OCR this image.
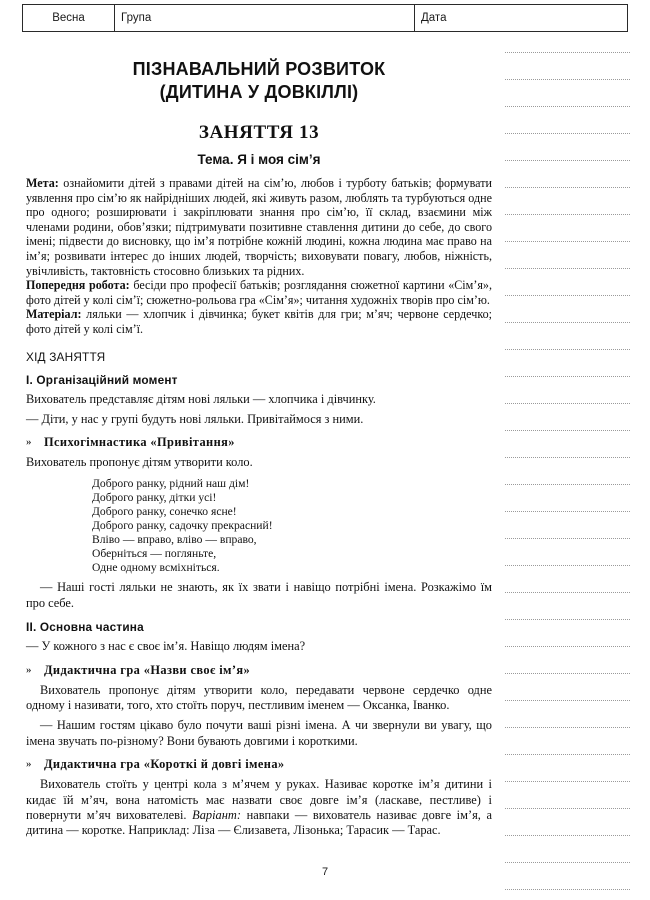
Весна	Група	Дата
ПІЗНАВАЛЬНИЙ РОЗВИТОК
(ДИТИНА У ДОВКІЛЛІ)
ЗАНЯТТЯ 13
Тема. Я і моя сім’я

Мета: ознайомити дітей з правами дітей на сім’ю, любов і турботу батьків; формувати уявлення про сім’ю як найрідніших людей, які живуть разом, люблять та турбуються одне про одного; розширювати і закріплювати знання про сім’ю, її склад, взаємини між членами родини, обов’язки; підтримувати позитивне ставлення дитини до себе, до свого імені; підвести до висновку, що ім’я потрібне кожній людині, кожна людина має право на ім’я; розвивати інтерес до інших людей, творчість; виховувати повагу, любов, ніжність, увічливість, тактовність стосовно близьких та рідних.

Попередня робота: бесіди про професії батьків; розглядання сюжетної картини «Сім’я», фото дітей у колі сім’ї; сюжетно-рольова гра «Сім’я»; читання художніх творів про сім’ю.

Матеріал: ляльки — хлопчик і дівчинка; букет квітів для гри; м’яч; червоне сердечко; фото дітей у колі сім’ї.

ХІД ЗАНЯТТЯ
I. Організаційний момент

Вихователь представляє дітям нові ляльки — хлопчика і дівчинку.

— Діти, у нас у групі будуть нові ляльки. Привітаймося з ними.

» Психогімнастика «Привітання»

Вихователь пропонує дітям утворити коло.

Доброго ранку, рідний наш дім!
Доброго ранку, дітки усі!
Доброго ранку, сонечко ясне!
Доброго ранку, садочку прекрасний!
Вліво — вправо, вліво — вправо,
Оберніться — погляньте,
Одне одному всміхніться.

— Наші гості ляльки не знають, як їх звати і навіщо потрібні імена. Розкажімо їм про себе.

II. Основна частина

— У кожного з нас є своє ім’я. Навіщо людям імена?

» Дидактична гра «Назви своє ім’я»

Вихователь пропонує дітям утворити коло, передавати червоне сердечко одне одному і називати, того, хто стоїть поруч, пестливим іменем — Оксанка, Іванко.

— Нашим гостям цікаво було почути ваші різні імена. А чи звернули ви увагу, що імена звучать по-різному? Вони бувають довгими і короткими.

» Дидактична гра «Короткі й довгі імена»

Вихователь стоїть у центрі кола з м’ячем у руках. Називає коротке ім’я дитини і кидає їй м’яч, вона натомість має назвати своє довге ім’я (ласкаве, пестливе) і повернути м’яч вихователеві. Варіант: навпаки — вихователь називає довге ім’я, а дитина — коротке. Наприклад: Ліза — Єлизавета, Лізонька; Тарасик — Тарас.

7
